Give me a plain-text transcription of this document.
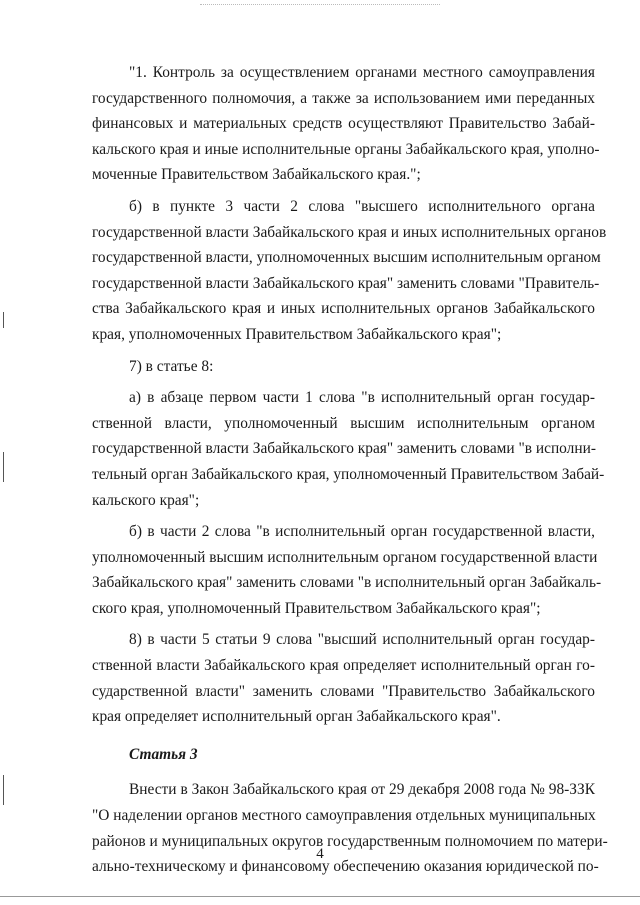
"1. Контроль за осуществлением органами местного самоуправления
государственного полномочия, а также за использованием ими переданных
финансовых и материальных средств осуществляют Правительство Забай-
кальского края и иные исполнительные органы Забайкальского края, уполно-
моченные Правительством Забайкальского края.";

б) в пункте 3 части 2 слова "высшего исполнительного органа
государственной власти Забайкальского края и иных исполнительных органов
государственной власти, уполномоченных высшим исполнительным органом
государственной власти Забайкальского края" заменить словами "Правитель-
ства Забайкальского края и иных исполнительных органов Забайкальского
края, уполномоченных Правительством Забайкальского края";

7) в статье 8:

а) в абзаце первом части 1 слова "в исполнительный орган государ-
ственной власти, уполномоченный высшим исполнительным органом
государственной власти Забайкальского края" заменить словами "в исполни-
тельный орган Забайкальского края, уполномоченный Правительством Забай-
кальского края";

б) в части 2 слова "в исполнительный орган государственной власти,
уполномоченный высшим исполнительным органом государственной власти
Забайкальского края" заменить словами "в исполнительный орган Забайкаль-
ского края, уполномоченный Правительством Забайкальского края";

8) в части 5 статьи 9 слова "высший исполнительный орган государ-
ственной власти Забайкальского края определяет исполнительный орган го-
сударственной власти" заменить словами "Правительство Забайкальского
края определяет исполнительный орган Забайкальского края".

Статья 3

Внести в Закон Забайкальского края от 29 декабря 2008 года № 98-ЗЗК
"О наделении органов местного самоуправления отдельных муниципальных
районов и муниципальных округов государственным полномочием по матери-
ально-техническому и финансовому обеспечению оказания юридической по-

4
